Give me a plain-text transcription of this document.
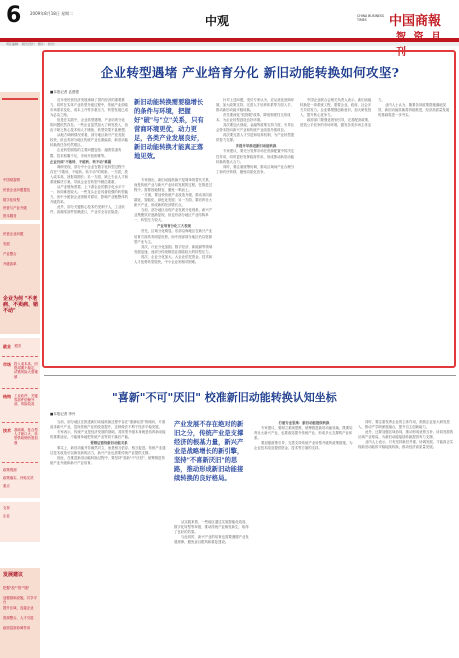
6 2009年8月18日 星期二
中观	CHINA BUSINESS TIMES	中国商報
刊
责任编辑： 版式设计： 图片： 校对：
中国财富网
民营企业问题提及
数字化转型
民营与产业升级
资本服务
民营企业问题
发展
产业整合
升级改革
企业为何 "不老病、不卖病、销不动"
就业 美国
市场 投入成本高、回报周期不稳定，试错风险大需谨慎
结构 工业软件、关键零部件依赖外部，风险较高
技术 基础薄、复合型人才缺口大，转型供给侧仍需加强
政策观测
政策落实、补贴实效
重点
支持
企业
发展建议
把握"放""管""服"
加强基础设施，共享平台
提升区域，连接企业
资源整合，人才引进
政府层面协调作用
企业转型遇堵 产业培育分化 新旧动能转换如何攻坚?
■本报记者 孟建强

近年来民营经济发展承载了国内经济的重要推力，同时在实体产业转型升级过程中，传统产业面临市场需求变化、成本上升等多重压力，转型发展已成为必由之路。

但是在实践中，企业转型遇堵、产业培育分化的问题依然存在。一些企业虽然加大了研发投入，但由于缺乏核心技术和人才储备，转型效果不甚理想。

从地方调研情况来看，部分地区新兴产业发展较快，但也有部分地区传统产业比重偏高，新旧动能转换的任务仍然艰巨。

企业转型面临的主要问题包括：融资渠道有限、技术积累不足、市场开拓困难等。

企业仍面"不敢转、不能转、转不动"难题

调研发现，部分中小企业在数字化转型过程中存在"不敢转、不能转、转不动"的现象。一方面，投入成本高、回报周期长；另一方面，缺乏专业人才和系统解决方案，导致企业在转型中顾虑重重。

从产业链角度看，上下游企业的数字化水平不一，协同难度较大。一些龙头企业具备较强的转型能力，但中小配套企业则相对滞后，影响产业链整体的升级效率。

此外，部分关键核心技术仍受制于人，工业软件、高端零部件依赖进口，产业安全存在隐患。

新旧动能转换需要稳增长的条件与环境，把握好"破"与"立"关系，只有营商环境更优，动力更足，各类产业发展良好，新旧动能转换才能真正落地见效。

专家指出，新旧动能转换不是简单的替代关系，而是传统产业与新兴产业协同发展的过程。在推进过程中，需要因地制宜，避免一哄而上。

一方面，要加快传统产业改造升级，推动其向高端化、智能化、绿色化发展；另一方面，要培育壮大新兴产业，形成新的经济增长点。

当前，部分地区出现产业发展分化现象，新兴产业集聚效应逐渐显现，但也有部分地区产业结构单一，转型压力较大。

产业培育分化三大表现

首先，区域分化明显。东部沿海地区在新兴产业培育方面具有明显优势，而中西部部分地区仍以资源型产业为主。

其次，行业分化加剧。数字经济、新能源等领域发展迅速，而部分传统制造业面临较大的转型压力。

再次，企业分化加大。大企业依托资金、技术和人才优势转型较快，中小企业则相对困难。

针对上述问题，受访专家认为，应从优化营商环境、加大政策支持、完善人才培养体系等方面入手，推动新旧动能平稳转换。

首先要深化"放管服"改革，降低制度性交易成本，为企业转型创造良好环境。

其次要加大财政、金融等政策支持力度，引导社会资本投向新兴产业和传统产业改造升级项目。

再次要完善人才引进和培养机制，为产业转型提供智力支撑。

多措并举推进新旧动能转换

专家建议，要充分发挥市场在资源配置中的决定性作用，同时更好发挥政府作用，形成推动新旧动能转换的强大合力。

同时，要注重统筹协调，推动区域间产业合理分工和有序转移，避免同质化竞争。

中国企业联合会相关负责人表示，新旧动能转换是一项系统工程，需要企业、政府、社会多方共同发力。企业要增强创新意识，加大研发投入，提升核心竞争力。

政府部门要强化规划引导，完善配套政策，营造公平竞争的市场环境，激发各类市场主体活力。

业内人士认为，随着各项政策措施落地见效，新旧动能转换将持续推进，经济高质量发展的基础将进一步夯实。

"喜新"不可"厌旧" 校准新旧动能转换认知坐标
■本报记者 李丹

当前，部分地区在推进新旧动能转换过程中存在"重新轻旧"的倾向，片面追求新兴产业，忽视传统产业的改造提升，这种做法不利于经济平稳发展。

专家表示，传统产业是经济发展的基础，其转型升级本身就是培育新动能的重要途径。不能简单地把传统产业等同于落后产能。

要辩证看待新旧动能关系

事实上，新旧动能并非截然对立，而是相互依存、相互促进。传统产业通过技术改造可以焕发新的活力，新兴产业也需要传统产业提供支撑。

因此，在推进新旧动能转换过程中，要坚持"喜新"不"厌旧"，统筹推进传统产业升级和新兴产业培育。

产业发展不存在绝对的新旧之分，传统产业是支撑经济的根基力量，新兴产业是战略增长的新引擎，坚持"不喜新厌旧"的思路，推动形成新旧动能接续转换的良好格局。

从实践来看，一些地区通过实施智能化改造、数字化转型等举措，推动传统产业焕发新生，取得了良好的效果。

与此同时，新兴产业的培育也需要遵循产业发展规律，避免盲目跟风和重复建设。

打破专业思维：新旧动能接续转换

专家建议，要树立系统思维，统筹推进新旧动能转换，既要培育壮大新兴产业，也要改造提升传统产业，形成多元支撑的产业体系。

要加强政策引导，完善支持传统产业转型升级的政策措施，为企业技术改造提供资金、技术等方面的支持。

同时，要注重发挥企业的主体作用，鼓励企业加大研发投入，推动产学研深度融合，提升自主创新能力。

此外，还要加强区域协同，推动形成优势互补、协同发展的区域产业格局，为新旧动能接续转换提供有力支撑。

业内人士表示，只有坚持新旧并重、协调发展，才能真正实现新旧动能的平稳接续转换，推动经济高质量发展。
